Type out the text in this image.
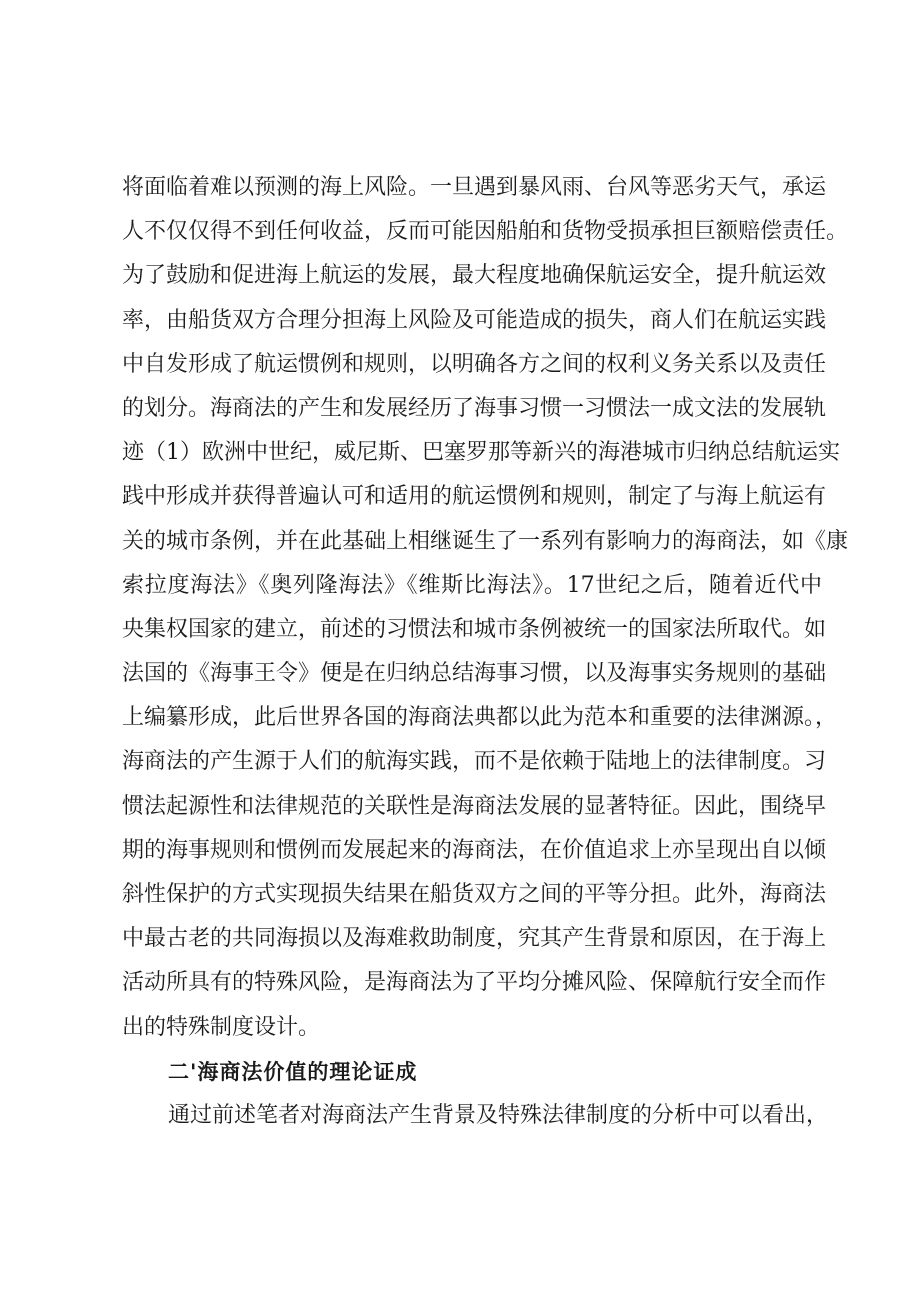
将面临着难以预测的海上风险。一旦遇到暴风雨、台风等恶劣天气，承运
人不仅仅得不到任何收益，反而可能因船舶和货物受损承担巨额赔偿责任。
为了鼓励和促进海上航运的发展，最大程度地确保航运安全，提升航运效
率，由船货双方合理分担海上风险及可能造成的损失，商人们在航运实践
中自发形成了航运惯例和规则，以明确各方之间的权利义务关系以及责任
的划分。海商法的产生和发展经历了海事习惯一习惯法一成文法的发展轨
迹（1）欧洲中世纪，威尼斯、巴塞罗那等新兴的海港城市归纳总结航运实
践中形成并获得普遍认可和适用的航运惯例和规则，制定了与海上航运有
关的城市条例，并在此基础上相继诞生了一系列有影响力的海商法，如《康
索拉度海法》《奥列隆海法》《维斯比海法》。17世纪之后，随着近代中
央集权国家的建立，前述的习惯法和城市条例被统一的国家法所取代。如
法国的《海事王令》便是在归纳总结海事习惯，以及海事实务规则的基础
上编纂形成，此后世界各国的海商法典都以此为范本和重要的法律渊源。，
海商法的产生源于人们的航海实践，而不是依赖于陆地上的法律制度。习
惯法起源性和法律规范的关联性是海商法发展的显著特征。因此，围绕早
期的海事规则和惯例而发展起来的海商法，在价值追求上亦呈现出自以倾
斜性保护的方式实现损失结果在船货双方之间的平等分担。此外，海商法
中最古老的共同海损以及海难救助制度，究其产生背景和原因，在于海上
活动所具有的特殊风险，是海商法为了平均分摊风险、保障航行安全而作
出的特殊制度设计。
二'海商法价值的理论证成
通过前述笔者对海商法产生背景及特殊法律制度的分析中可以看出，
